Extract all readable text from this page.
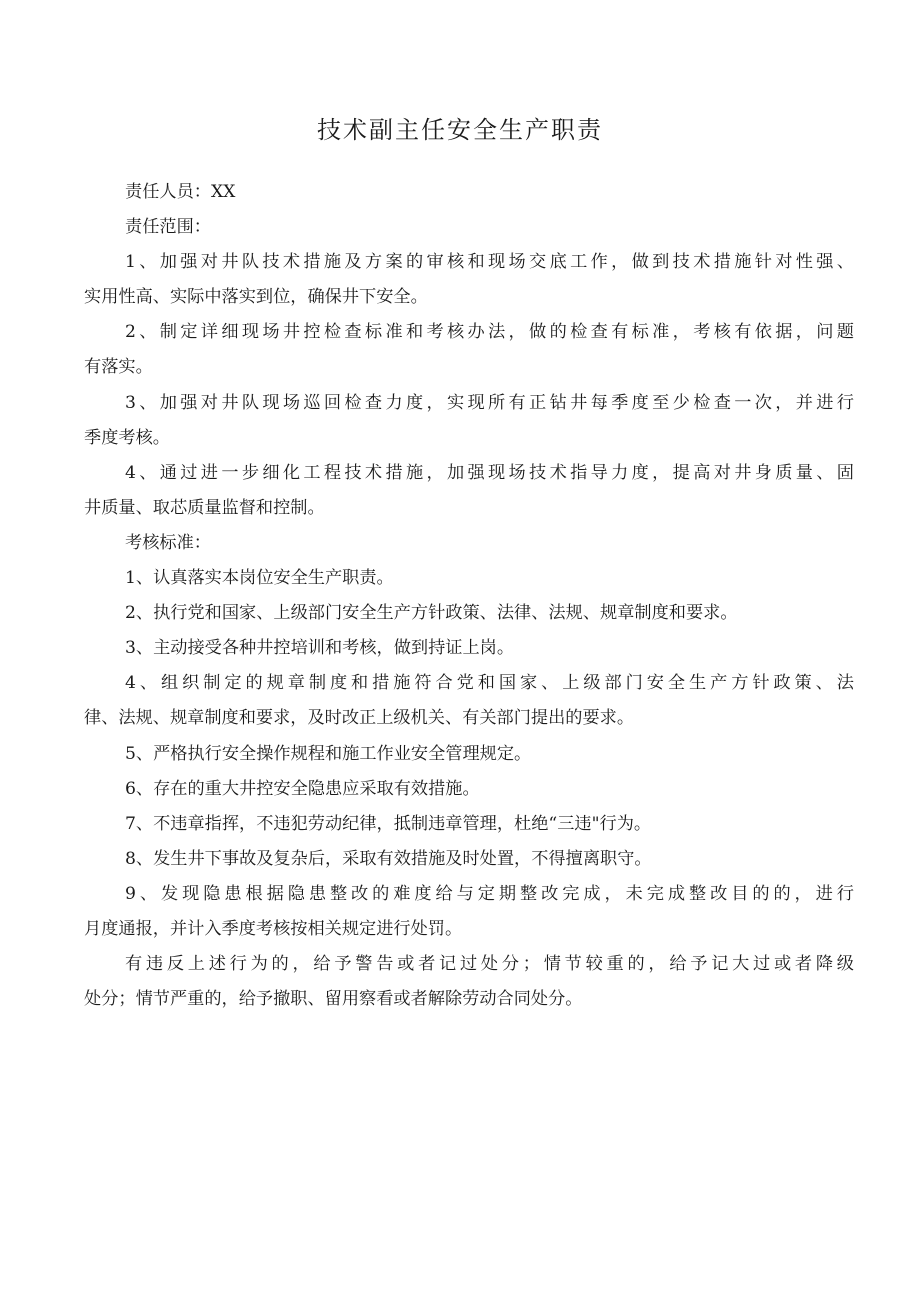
技术副主任安全生产职责
责任人员：XX
责任范围：
1、加强对井队技术措施及方案的审核和现场交底工作，做到技术措施针对性强、
实用性高、实际中落实到位，确保井下安全。
2、制定详细现场井控检查标准和考核办法，做的检查有标准，考核有依据，问题
有落实。
3、加强对井队现场巡回检查力度，实现所有正钻井每季度至少检查一次，并进行
季度考核。
4、通过进一步细化工程技术措施，加强现场技术指导力度，提高对井身质量、固
井质量、取芯质量监督和控制。
考核标准：
1、认真落实本岗位安全生产职责。
2、执行党和国家、上级部门安全生产方针政策、法律、法规、规章制度和要求。
3、主动接受各种井控培训和考核，做到持证上岗。
4、组织制定的规章制度和措施符合党和国家、上级部门安全生产方针政策、法
律、法规、规章制度和要求，及时改正上级机关、有关部门提出的要求。
5、严格执行安全操作规程和施工作业安全管理规定。
6、存在的重大井控安全隐患应采取有效措施。
7、不违章指挥，不违犯劳动纪律，抵制违章管理，杜绝“三违"行为。
8、发生井下事故及复杂后，采取有效措施及时处置，不得擅离职守。
9、发现隐患根据隐患整改的难度给与定期整改完成，未完成整改目的的，进行
月度通报，并计入季度考核按相关规定进行处罚。
有违反上述行为的，给予警告或者记过处分；情节较重的，给予记大过或者降级
处分；情节严重的，给予撤职、留用察看或者解除劳动合同处分。
